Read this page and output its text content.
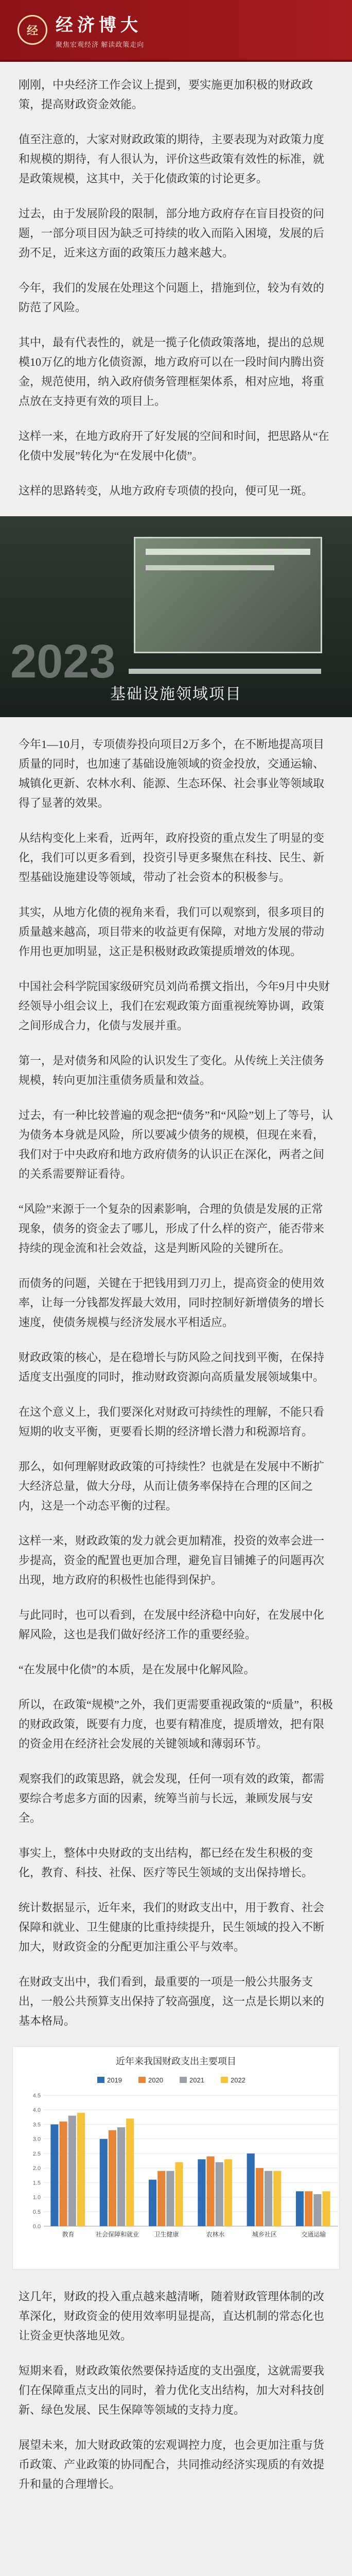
经 经济博大
聚焦宏观经济 解读政策走向

刚刚，中央经济工作会议上提到，要实施更加积极的财政政策，提高财政资金效能。

值至注意的，大家对财政政策的期待，主要表现为对政策力度和规模的期待，有人很认为，评价这些政策有效性的标准，就是政策规模，这其中，关于化债政策的讨论更多。

过去，由于发展阶段的限制，部分地方政府存在盲目投资的问题，一部分项目因为缺乏可持续的收入而陷入困境，发展的后劲不足，近来这方面的政策压力越来越大。

今年，我们的发展在处理这个问题上，措施到位，较为有效的防范了风险。

其中，最有代表性的，就是一揽子化债政策落地，提出的总规模10万亿的地方化债资源，地方政府可以在一段时间内腾出资金，规范使用，纳入政府债务管理框架体系，相对应地，将重点放在支持更有效的项目上。

这样一来，在地方政府开了好发展的空间和时间，把思路从“在化债中发展”转化为“在发展中化债”。

这样的思路转变，从地方政府专项债的投向，便可见一斑。

2023
基础设施领域项目

今年1—10月，专项债券投向项目2万多个，在不断地提高项目质量的同时，也加速了基础设施领域的资金投放，交通运输、城镇化更新、农林水利、能源、生态环保、社会事业等领域取得了显著的效果。

从结构变化上来看，近两年，政府投资的重点发生了明显的变化，我们可以更多看到，投资引导更多聚焦在科技、民生、新型基础设施建设等领域，带动了社会资本的积极参与。

其实，从地方化债的视角来看，我们可以观察到，很多项目的质量越来越高，项目带来的收益更有保障，对地方发展的带动作用也更加明显，这正是积极财政政策提质增效的体现。

中国社会科学院国家级研究员刘尚希撰文指出，今年9月中央财经领导小组会议上，我们在宏观政策方面重视统筹协调，政策之间形成合力，化债与发展并重。

第一，是对债务和风险的认识发生了变化。从传统上关注债务规模，转向更加注重债务质量和效益。

过去，有一种比较普遍的观念把“债务”和“风险”划上了等号，认为债务本身就是风险，所以要减少债务的规模，但现在来看，我们对于中央政府和地方政府债务的认识正在深化，两者之间的关系需要辩证看待。

“风险”来源于一个复杂的因素影响，合理的负债是发展的正常现象，债务的资金去了哪儿，形成了什么样的资产，能否带来持续的现金流和社会效益，这是判断风险的关键所在。

而债务的问题，关键在于把钱用到刀刃上，提高资金的使用效率，让每一分钱都发挥最大效用，同时控制好新增债务的增长速度，使债务规模与经济发展水平相适应。

财政政策的核心，是在稳增长与防风险之间找到平衡，在保持适度支出强度的同时，推动财政资源向高质量发展领域集中。

在这个意义上，我们要深化对财政可持续性的理解，不能只看短期的收支平衡，更要看长期的经济增长潜力和税源培育。

那么，如何理解财政政策的可持续性？也就是在发展中不断扩大经济总量，做大分母，从而让债务率保持在合理的区间之内，这是一个动态平衡的过程。

这样一来，财政政策的发力就会更加精准，投资的效率会进一步提高，资金的配置也更加合理，避免盲目铺摊子的问题再次出现，地方政府的积极性也能得到保护。

与此同时，也可以看到，在发展中经济稳中向好，在发展中化解风险，这也是我们做好经济工作的重要经验。

“在发展中化债”的本质，是在发展中化解风险。

所以，在政策“规模”之外，我们更需要重视政策的“质量”，积极的财政政策，既要有力度，也要有精准度，提质增效，把有限的资金用在经济社会发展的关键领域和薄弱环节。

观察我们的政策思路，就会发现，任何一项有效的政策，都需要综合考虑多方面的因素，统筹当前与长远，兼顾发展与安全。

事实上，整体中央财政的支出结构，都已经在发生积极的变化，教育、科技、社保、医疗等民生领域的支出保持增长。

统计数据显示，近年来，我们的财政支出中，用于教育、社会保障和就业、卫生健康的比重持续提升，民生领域的投入不断加大，财政资金的分配更加注重公平与效率。

在财政支出中，我们看到，最重要的一项是一般公共服务支出，一般公共预算支出保持了较高强度，这一点是长期以来的基本格局。

近年来我国财政支出主要项目
2019	2020	2021	2022
0.0
0.5
1.0
1.5
2.0
2.5
3.0
3.5
4.0
4.5
教育	社会保障和就业 卫生健康	农林水	城乡社区	交通运输

这几年，财政的投入重点越来越清晰，随着财政管理体制的改革深化，财政资金的使用效率明显提高，直达机制的常态化也让资金更快落地见效。

短期来看，财政政策依然要保持适度的支出强度，这就需要我们在保障重点支出的同时，着力优化支出结构，加大对科技创新、绿色发展、民生保障等领域的支持力度。

展望未来，加大财政政策的宏观调控力度，也会更加注重与货币政策、产业政策的协同配合，共同推动经济实现质的有效提升和量的合理增长。
